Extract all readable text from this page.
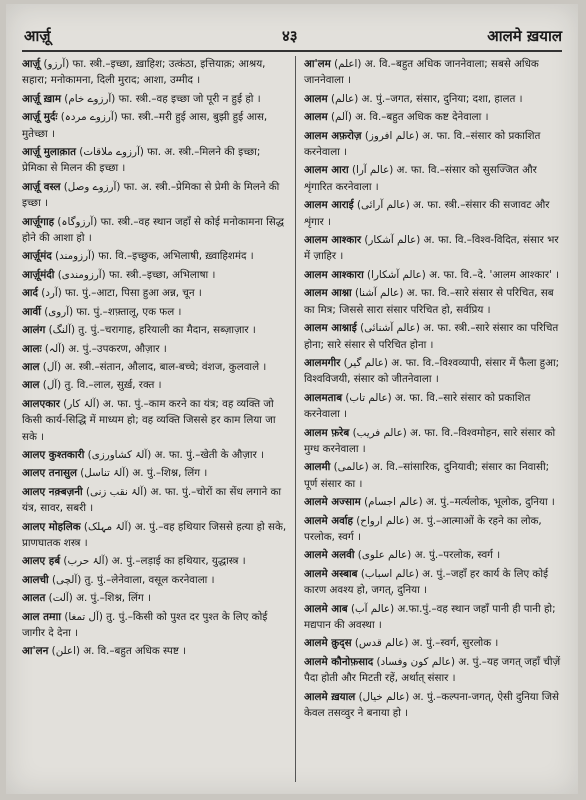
आर्ज़ू	४३	आलमे ख़याल
आर्ज़ू (آرزو) फा. स्त्री.–इच्छा, ख़ाहिश; उत्कंठा, इत्तियाक़; आश्रय, सहारा; मनोकामना, दिली मुराद; आशा, उम्मीद ।
आर्ज़ू ख़ाम (آرزوے خام) फा. स्त्री.–वह इच्छा जो पूरी न हुई हो ।
आर्ज़ू मुर्दः (آرزوے مردہ) फा. स्त्री.–मरी हुई आस, बुझी हुई आस, मुतेच्छा ।
आर्ज़ू मुलाक़ात (آرزوے ملاقات) फा. अ. स्त्री.–मिलने की इच्छा; प्रेमिका से मिलन की इच्छा ।
आर्ज़ू वस्ल (آرزوے وصل) फा. अ. स्त्री.–प्रेमिका से प्रेमी के मिलने की इच्छा ।
आर्ज़ूगाह (آرزوگاہ) फा. स्त्री.–वह स्थान जहाँ से कोई मनोकामना सिद्ध होने की आशा हो ।
आर्ज़ूमंद (آرزومند) फा. वि.–इच्छुक, अभिलाषी, ख़्वाहिशमंद ।
आर्ज़ूमंदी (آرزومندی) फा. स्त्री.–इच्छा, अभिलाषा ।
आर्द (آرد) फा. पुं.–आटा, पिसा हुआ अन्न, चून ।
आर्वी (آروی) फा. पुं.–शफ़्तालू, एक फल ।
आलंग (آلنگ) तु. पुं.–चरागाह, हरियाली का मैदान, सब्ज़ाज़ार ।
आलः (آلہ) अ. पुं.–उपकरण, औज़ार ।
आल (آل) अ. स्त्री.–संतान, औलाद, बाल-बच्चे; वंशज, कुलवाले ।
आल (آل) तु. वि.–लाल, सुर्ख़, रक्त ।
आलएकार (آلۂ کار) अ. फा. पुं.–काम करने का यंत्र; वह व्यक्ति जो किसी कार्य-सिद्धि में माध्यम हो; वह व्यक्ति जिससे हर काम लिया जा सके ।
आलए कुश्तकारी (آلۂ کشاورزی) अ. फा. पुं.–खेती के औज़ार ।
आलए तनासुल (آلۂ تناسل) अ. पुं.–शिश्न, लिंग ।
आलए नक़्बज़नी (آلۂ نقب زنی) अ. फा. पुं.–चोरों का सेंध लगाने का यंत्र, सावर, सबरी ।
आलए मोहलिक (آلۂ مہلک) अ. पुं.–वह हथियार जिससे हत्या हो सके, प्राणघातक शस्त्र ।
आलए हर्ब (آلۂ حرب) अ. पुं.–लड़ाई का हथियार, युद्धास्त्र ।
आलची (آلچی) तु. पुं.–लेनेवाला, वसूल करनेवाला ।
आलत (آلت) अ. पुं.–शिश्न, लिंग ।
आल तम्ग़ा (آل تمغا) तु. पुं.–किसी को पुश्त दर पुश्त के लिए कोई जागीर दे देना ।
आ'लन (اعلن) अ. वि.–बहुत अधिक स्पष्ट ।
आ'लम (اعلم) अ. वि.–बहुत अधिक जाननेवाला; सबसे अधिक जाननेवाला ।
आलम (عالم) अ. पुं.–जगत, संसार, दुनिया; दशा, हालत ।
आलम (آلم) अ. वि.–बहुत अधिक कष्ट देनेवाला ।
आलम अफ़रोज़ (عالم افروز) अ. फा. वि.–संसार को प्रकाशित करनेवाला ।
आलम आरा (عالم آرا) अ. फा. वि.–संसार को सुसज्जित और शृंगारित करनेवाला ।
आलम आराई (عالم آرائی) अ. फा. स्त्री.–संसार की सजावट और शृंगार ।
आलम आश्कार (عالم آشکار) अ. फा. वि.–विश्व-विदित, संसार भर में ज़ाहिर ।
आलम आश्कारा (عالم آشکارا) अ. फा. वि.–दे. 'आलम आश्कार' ।
आलम आश्ना (عالم آشنا) अ. फा. वि.–सारे संसार से परिचित, सब का मित्र; जिससे सारा संसार परिचित हो, सर्वप्रिय ।
आलम आश्नाई (عالم آشنائی) अ. फा. स्त्री.–सारे संसार का परिचित होना; सारे संसार से परिचित होना ।
आलमगीर (عالم گیر) अ. फा. वि.–विश्वव्यापी, संसार में फैला हुआ; विश्वविजयी, संसार को जीतनेवाला ।
आलमताब (عالم تاب) अ. फा. वि.–सारे संसार को प्रकाशित करनेवाला ।
आलम फ़रेब (عالم فریب) अ. फा. वि.–विश्वमोहन, सारे संसार को मुग्ध करनेवाला ।
आलमी (عالمی) अ. वि.–सांसारिक, दुनियावी; संसार का निवासी; पूर्ण संसार का ।
आलमे अज्साम (عالم اجسام) अ. पुं.–मर्त्यलोक, भूलोक, दुनिया ।
आलमे अर्वाह (عالم ارواح) अ. पुं.–आत्माओं के रहने का लोक, परलोक, स्वर्ग ।
आलमे अलवी (عالم علوی) अ. पुं.–परलोक, स्वर्ग ।
आलमे अस्बाब (عالم اسباب) अ. पुं.–जहाँ हर कार्य के लिए कोई कारण अवश्य हो, जगत्, दुनिया ।
आलमे आब (عالم آب) अ.फा.पुं.–वह स्थान जहाँ पानी ही पानी हो; मद्यपान की अवस्था ।
आलमे क़ुद्स (عالم قدس) अ. पुं.–स्वर्ग, सुरलोक ।
आलमे कौनोफ़साद (عالم کون وفساد) अ. पुं.–यह जगत् जहाँ चीज़ें पैदा होती और मिटती रहें, अर्थात् संसार ।
आलमे ख़याल (عالم خیال) अ. पुं.–कल्पना-जगत्, ऐसी दुनिया जिसे केवल तसव्वुर ने बनाया हो ।
